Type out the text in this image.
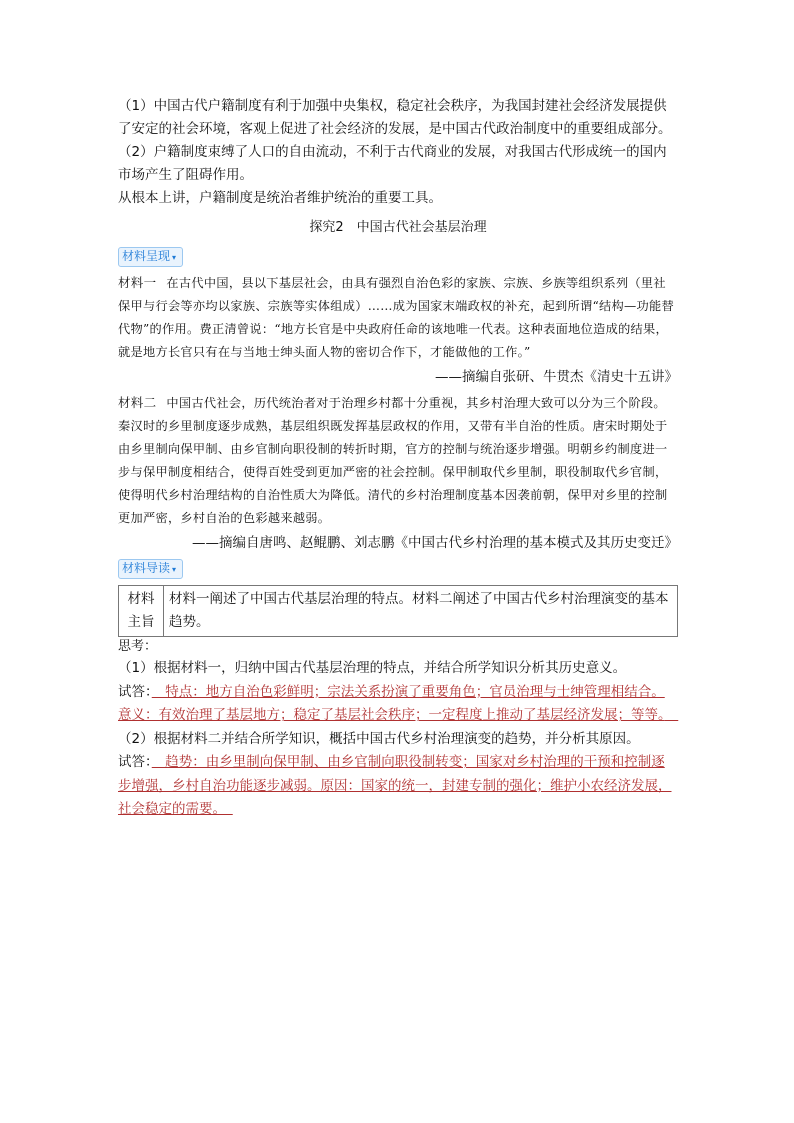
（1）中国古代户籍制度有利于加强中央集权，稳定社会秩序，为我国封建社会经济发展提供了安定的社会环境，客观上促进了社会经济的发展，是中国古代政治制度中的重要组成部分。

（2）户籍制度束缚了人口的自由流动，不利于古代商业的发展，对我国古代形成统一的国内市场产生了阻碍作用。

从根本上讲，户籍制度是统治者维护统治的重要工具。

探究2　中国古代社会基层治理
材料呈现 ▾

材料一 在古代中国，县以下基层社会，由具有强烈自治色彩的家族、宗族、乡族等组织系列（里社保甲与行会等亦均以家族、宗族等实体组成）……成为国家末端政权的补充，起到所谓“结构—功能替代物”的作用。费正清曾说：“地方长官是中央政府任命的该地唯一代表。这种表面地位造成的结果，就是地方长官只有在与当地士绅头面人物的密切合作下，才能做他的工作。”

——摘编自张研、牛贯杰《清史十五讲》

材料二 中国古代社会，历代统治者对于治理乡村都十分重视，其乡村治理大致可以分为三个阶段。秦汉时的乡里制度逐步成熟，基层组织既发挥基层政权的作用，又带有半自治的性质。唐宋时期处于由乡里制向保甲制、由乡官制向职役制的转折时期，官方的控制与统治逐步增强。明朝乡约制度进一步与保甲制度相结合，使得百姓受到更加严密的社会控制。保甲制取代乡里制，职役制取代乡官制，使得明代乡村治理结构的自治性质大为降低。清代的乡村治理制度基本因袭前朝，保甲对乡里的控制更加严密，乡村自治的色彩越来越弱。

——摘编自唐鸣、赵鲲鹏、刘志鹏《中国古代乡村治理的基本模式及其历史变迁》
材料导读 ▾
材料
主旨	材料一阐述了中国古代基层治理的特点。材料二阐述了中国古代乡村治理演变的基本趋势。

思考：

（1）根据材料一，归纳中国古代基层治理的特点，并结合所学知识分析其历史意义。

试答：　特点：地方自治色彩鲜明；宗法关系扮演了重要角色；官员治理与士绅管理相结合。意义：有效治理了基层地方；稳定了基层社会秩序；一定程度上推动了基层经济发展；等等。　

（2）根据材料二并结合所学知识，概括中国古代乡村治理演变的趋势，并分析其原因。

试答：　趋势：由乡里制向保甲制、由乡官制向职役制转变；国家对乡村治理的干预和控制逐步增强，乡村自治功能逐步减弱。原因：国家的统一，封建专制的强化；维护小农经济发展，社会稳定的需要。　
